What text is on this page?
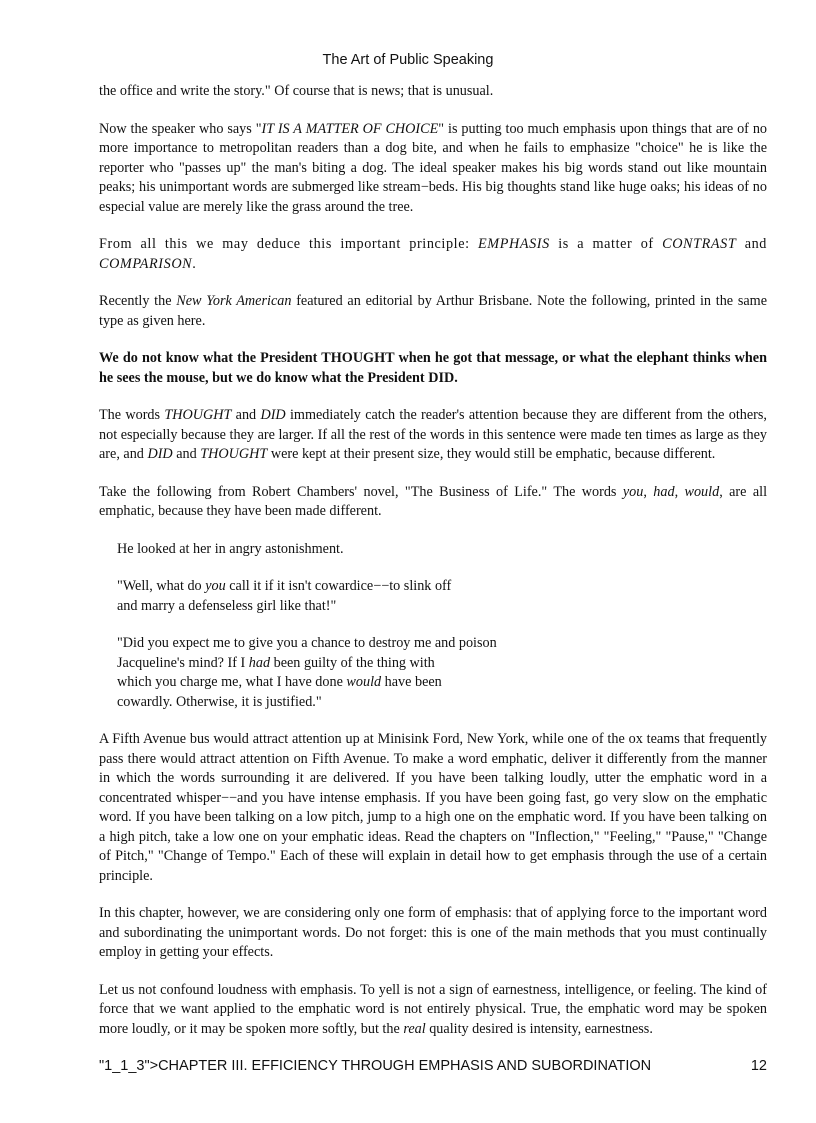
The Art of Public Speaking

the office and write the story." Of course that is news; that is unusual.

Now the speaker who says "IT IS A MATTER OF CHOICE" is putting too much emphasis upon things that are of no more importance to metropolitan readers than a dog bite, and when he fails to emphasize "choice" he is like the reporter who "passes up" the man's biting a dog. The ideal speaker makes his big words stand out like mountain peaks; his unimportant words are submerged like stream−beds. His big thoughts stand like huge oaks; his ideas of no especial value are merely like the grass around the tree.

From all this we may deduce this important principle: EMPHASIS is a matter of CONTRAST and COMPARISON.

Recently the New York American featured an editorial by Arthur Brisbane. Note the following, printed in the same type as given here.

We do not know what the President THOUGHT when he got that message, or what the elephant thinks when he sees the mouse, but we do know what the President DID.

The words THOUGHT and DID immediately catch the reader's attention because they are different from the others, not especially because they are larger. If all the rest of the words in this sentence were made ten times as large as they are, and DID and THOUGHT were kept at their present size, they would still be emphatic, because different.

Take the following from Robert Chambers' novel, "The Business of Life." The words you, had, would, are all emphatic, because they have been made different.

He looked at her in angry astonishment.
"Well, what do you call it if it isn't cowardice−−to slink off
and marry a defenseless girl like that!"
"Did you expect me to give you a chance to destroy me and poison
Jacqueline's mind? If I had been guilty of the thing with
which you charge me, what I have done would have been
cowardly. Otherwise, it is justified."

A Fifth Avenue bus would attract attention up at Minisink Ford, New York, while one of the ox teams that frequently pass there would attract attention on Fifth Avenue. To make a word emphatic, deliver it differently from the manner in which the words surrounding it are delivered. If you have been talking loudly, utter the emphatic word in a concentrated whisper−−and you have intense emphasis. If you have been going fast, go very slow on the emphatic word. If you have been talking on a low pitch, jump to a high one on the emphatic word. If you have been talking on a high pitch, take a low one on your emphatic ideas. Read the chapters on "Inflection," "Feeling," "Pause," "Change of Pitch," "Change of Tempo." Each of these will explain in detail how to get emphasis through the use of a certain principle.

In this chapter, however, we are considering only one form of emphasis: that of applying force to the important word and subordinating the unimportant words. Do not forget: this is one of the main methods that you must continually employ in getting your effects.

Let us not confound loudness with emphasis. To yell is not a sign of earnestness, intelligence, or feeling. The kind of force that we want applied to the emphatic word is not entirely physical. True, the emphatic word may be spoken more loudly, or it may be spoken more softly, but the real quality desired is intensity, earnestness.

"1_1_3">CHAPTER III. EFFICIENCY THROUGH EMPHASIS AND SUBORDINATION	12
